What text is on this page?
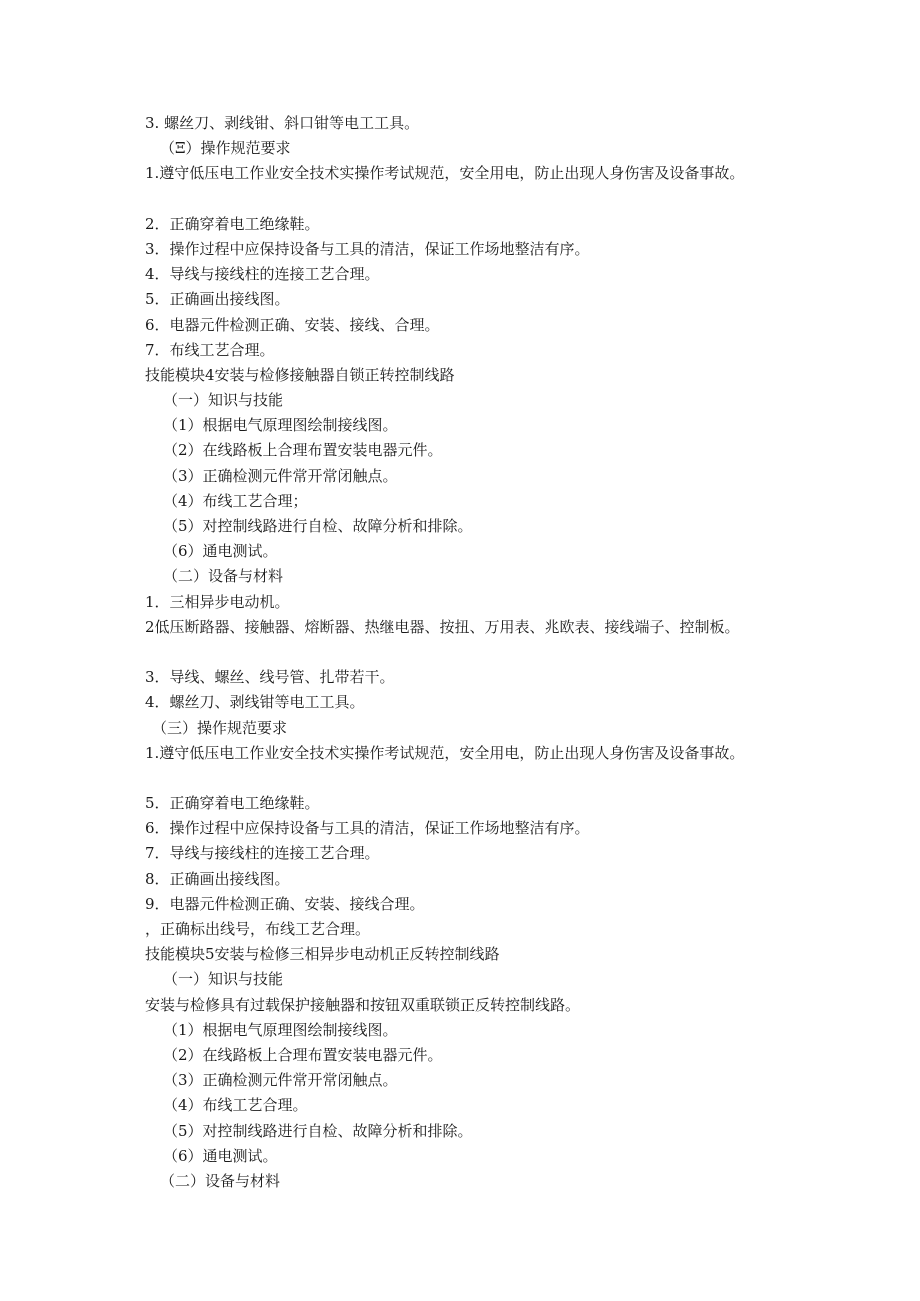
3. 螺丝刀、剥线钳、斜口钳等电工工具。
（Ξ）操作规范要求
1.遵守低压电工作业安全技术实操作考试规范，安全用电，防止出现人身伤害及设备事故。
2．正确穿着电工绝缘鞋。
3．操作过程中应保持设备与工具的清洁，保证工作场地整洁有序。
4．导线与接线柱的连接工艺合理。
5．正确画出接线图。
6．电器元件检测正确、安装、接线、合理。
7．布线工艺合理。
技能模块4安装与检修接触器自锁正转控制线路
（一）知识与技能
（1）根据电气原理图绘制接线图。
（2）在线路板上合理布置安装电器元件。
（3）正确检测元件常开常闭触点。
（4）布线工艺合理；
（5）对控制线路进行自检、故障分析和排除。
（6）通电测试。
（二）设备与材料
1．三相异步电动机。
2低压断路器、接触器、熔断器、热继电器、按扭、万用表、兆欧表、接线端子、控制板。
3．导线、螺丝、线号管、扎带若干。
4．螺丝刀、剥线钳等电工工具。
（三）操作规范要求
1.遵守低压电工作业安全技术实操作考试规范，安全用电，防止出现人身伤害及设备事故。
5．正确穿着电工绝缘鞋。
6．操作过程中应保持设备与工具的清洁，保证工作场地整洁有序。
7．导线与接线柱的连接工艺合理。
8．正确画出接线图。
9．电器元件检测正确、安装、接线合理。
，正确标出线号，布线工艺合理。
技能模块5安装与检修三相异步电动机正反转控制线路
（一）知识与技能
安装与检修具有过载保护接触器和按钮双重联锁正反转控制线路。
（1）根据电气原理图绘制接线图。
（2）在线路板上合理布置安装电器元件。
（3）正确检测元件常开常闭触点。
（4）布线工艺合理。
（5）对控制线路进行自检、故障分析和排除。
（6）通电测试。
（二）设备与材料
